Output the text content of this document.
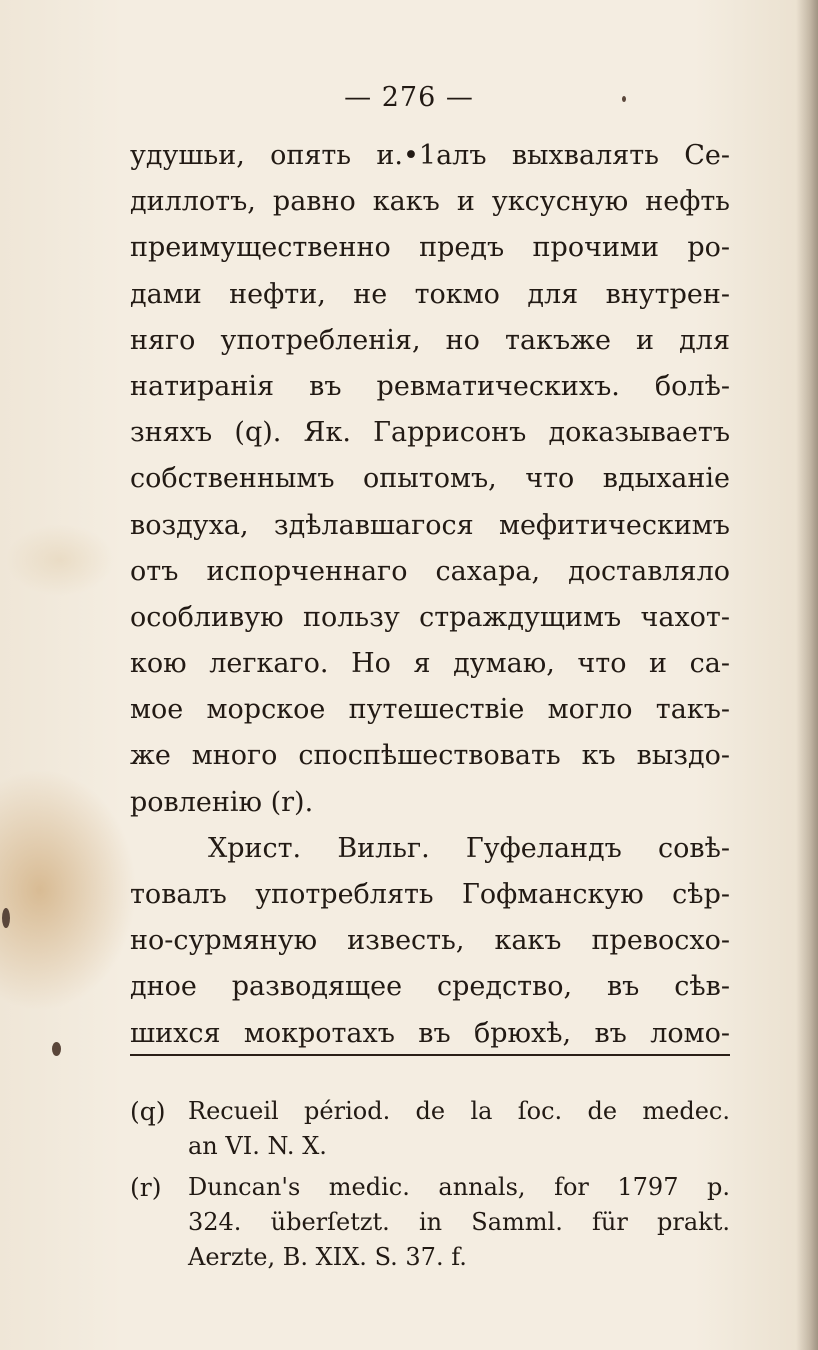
— 276 —
удушьи, опять и.•1алъ выхвалять Се-
диллотъ, равно какъ и уксусную нефть
преимущественно предъ прочими ро-
дами нефти, не токмо для внутрен-
няго употребленія, но такъже и для
натиранія въ ревматическихъ. болѣ-
зняхъ (q). Як. Гаррисонъ доказываетъ
собственнымъ опытомъ, что вдыханіе
воздуха, здѣлавшагося мефитическимъ
отъ испорченнаго сахара, доставляло
особливую пользу страждущимъ чахот-
кою легкаго. Но я думаю, что и са-
мое морское путешествіе могло такъ-
же много споспѣшествовать къ выздо-
ровленію (r).
Христ. Вильг. Гуфеландъ совѣ-
товалъ употреблять Гофманскую сѣр-
но-сурмяную известь, какъ превосхо-
дное разводящее средство, въ сѣв-
шихся мокротахъ въ брюхѣ, въ ломо-
(q) Recueil périod. de la ſoc. de medec.
an VI. N. X.
(r)	Duncan's medic. annals, for 1797 p.
324. überſetzt. in Samml. für prakt.
Aerzte, B. XIX. S. 37. f.
